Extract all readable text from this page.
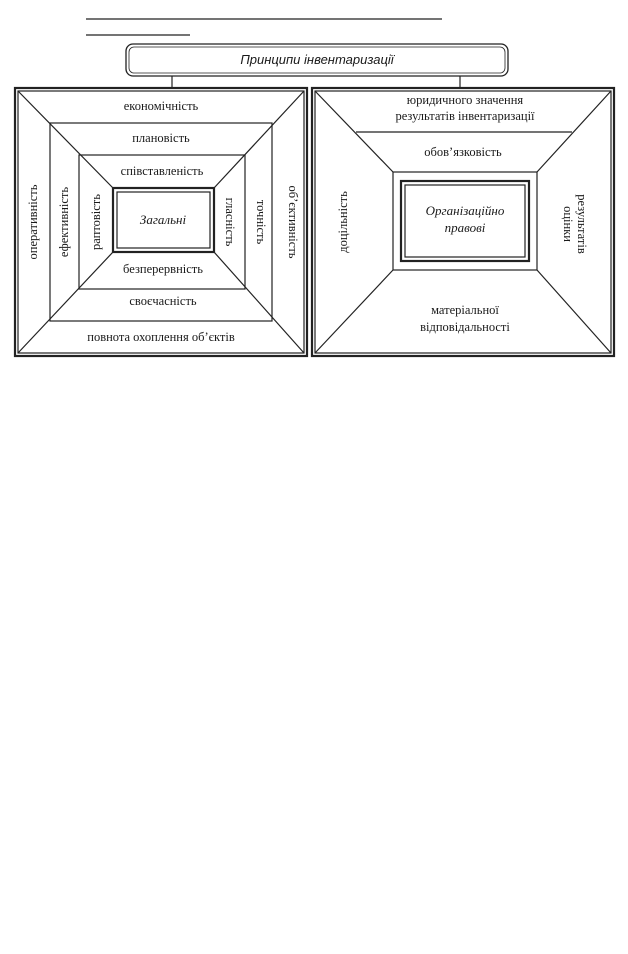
Принципи інвентаризації
економічність
плановість
співставленість
безперервність
своєчасність
повнота охоплення об’єктів
оперативність ефективність раптовість	гласність точність об’єктивність
Загальні
юридичного значення
результатів інвентаризації
обов’язковість
доцільність	оцінки результатів
матеріальної
відповідальності
Організаційно
правові
